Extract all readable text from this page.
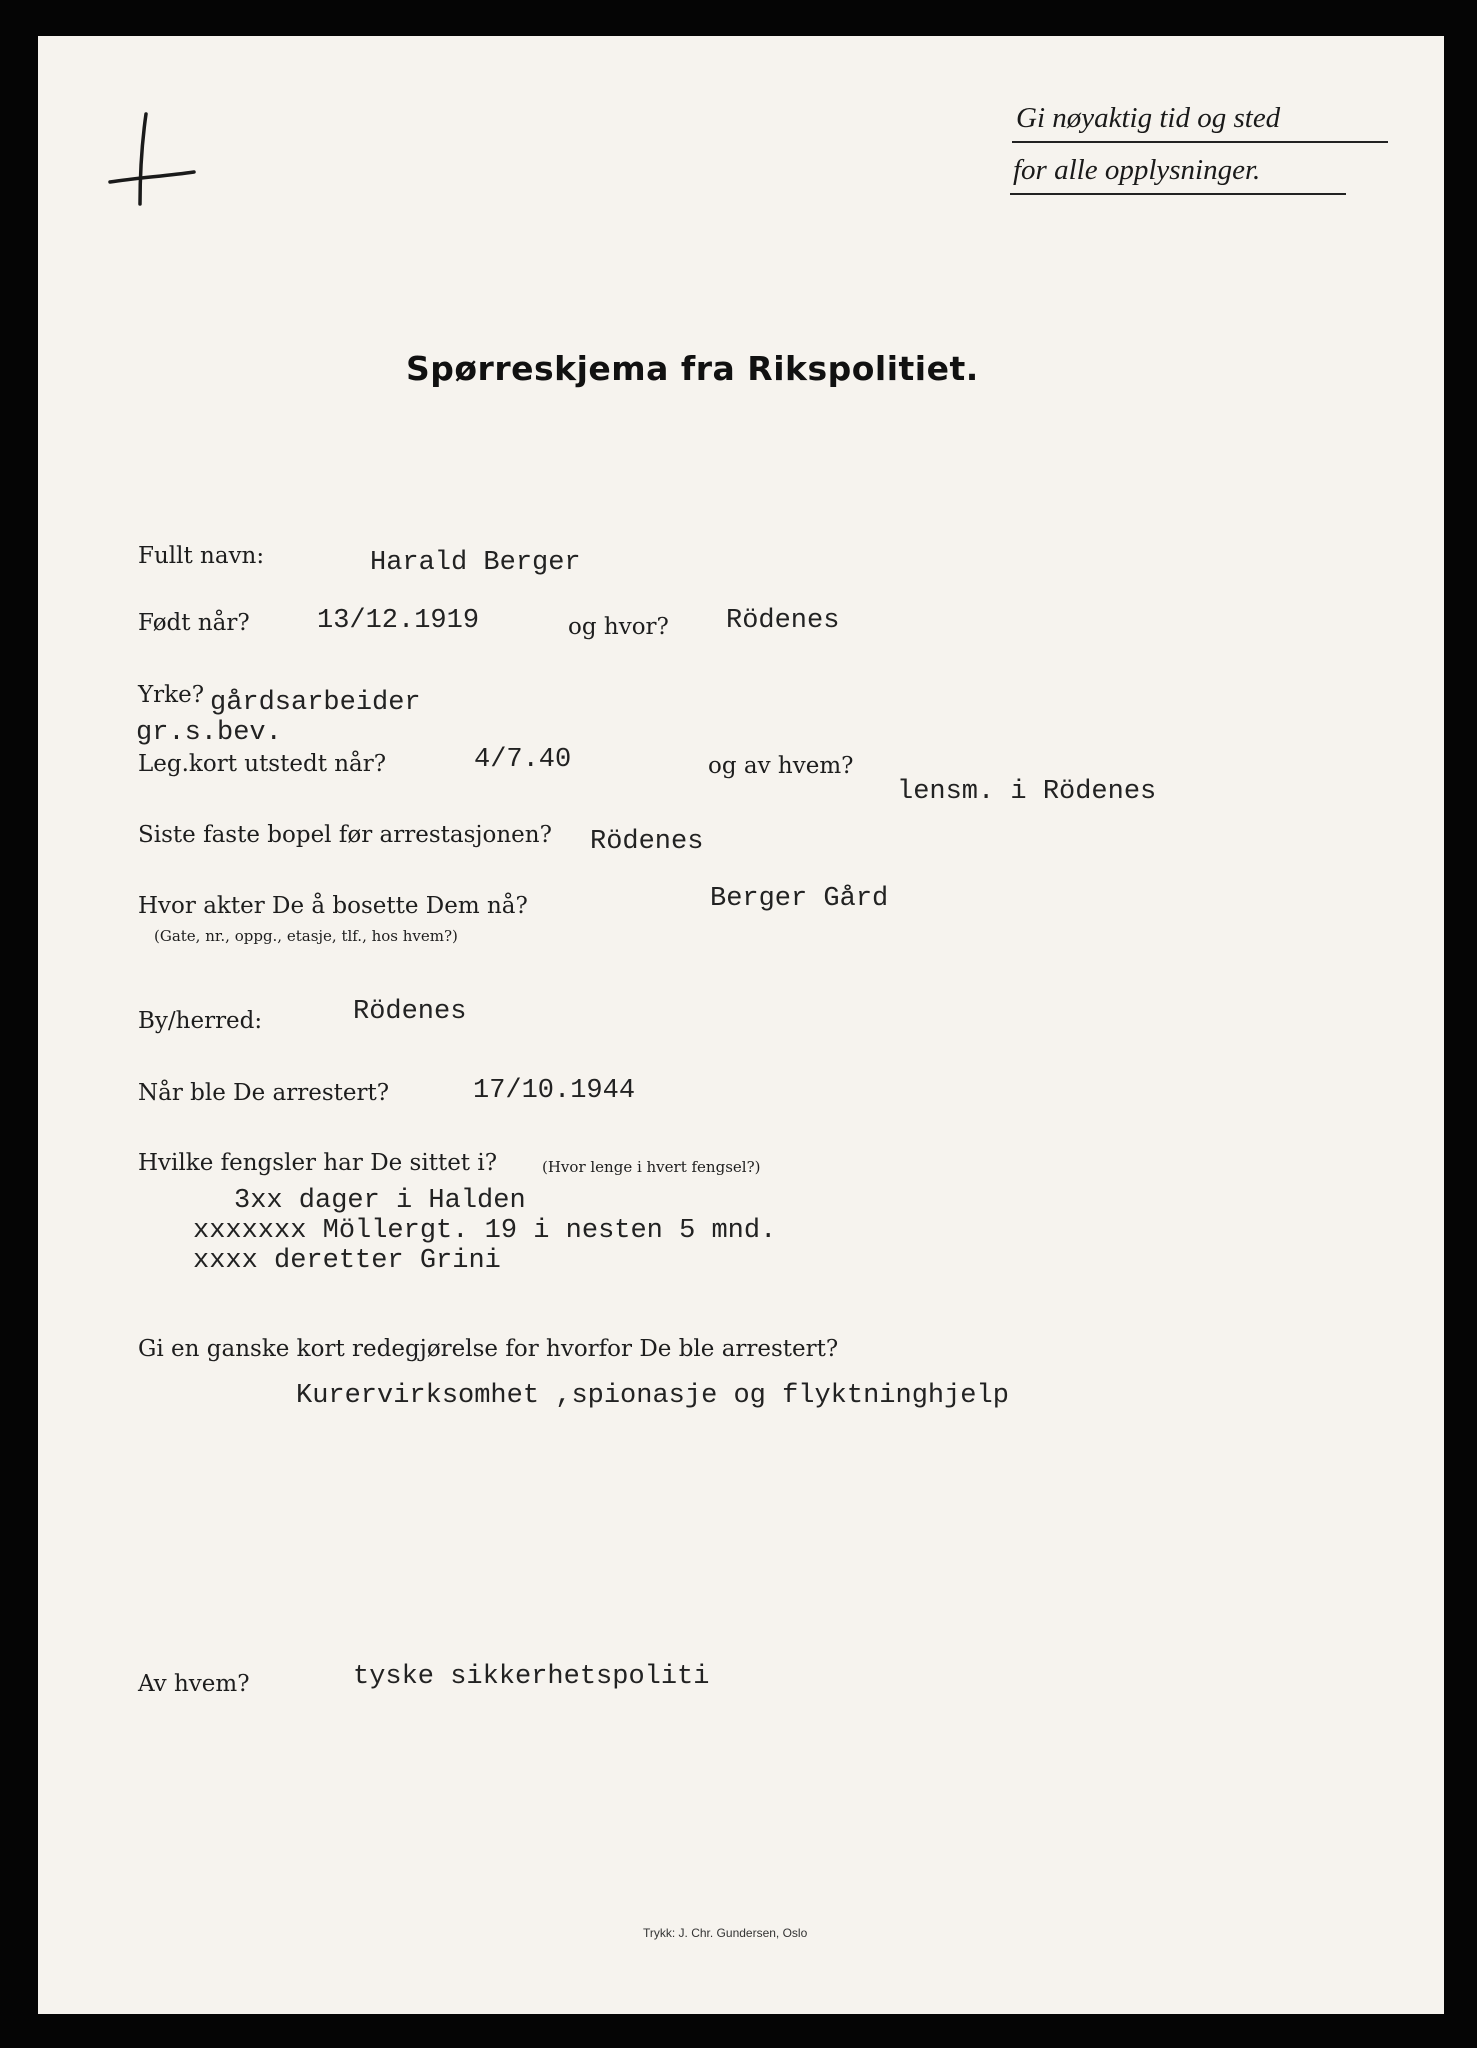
Gi nøyaktig tid og sted
for alle opplysninger.
Spørreskjema fra Rikspolitiet.
Fullt navn:	Harald Berger
Født når? 13/12.1919	og hvor? Rödenes
Yrke? gårdsarbeider
gr.s.bev.
Leg.kort utstedt når?	4/7.40	og av hvem?
lensm. i Rödenes
Siste faste bopel før arrestasjonen? Rödenes
Hvor akter De å bosette Dem nå?
(Gate, nr., oppg., etasje, tlf., hos hvem?)
Berger Gård
By/herred:	Rödenes
Når ble De arrestert?	17/10.1944
Hvilke fengsler har De sittet i?	(Hvor lenge i hvert fengsel?)
3xx dager i Halden
xxxxxxx Möllergt. 19 i nesten 5 mnd.
xxxx deretter Grini
Gi en ganske kort redegjørelse for hvorfor De ble arrestert?
Kurervirksomhet ,spionasje og flyktninghjelp
Av hvem?	tyske sikkerhetspoliti
Trykk: J. Chr. Gundersen, Oslo
